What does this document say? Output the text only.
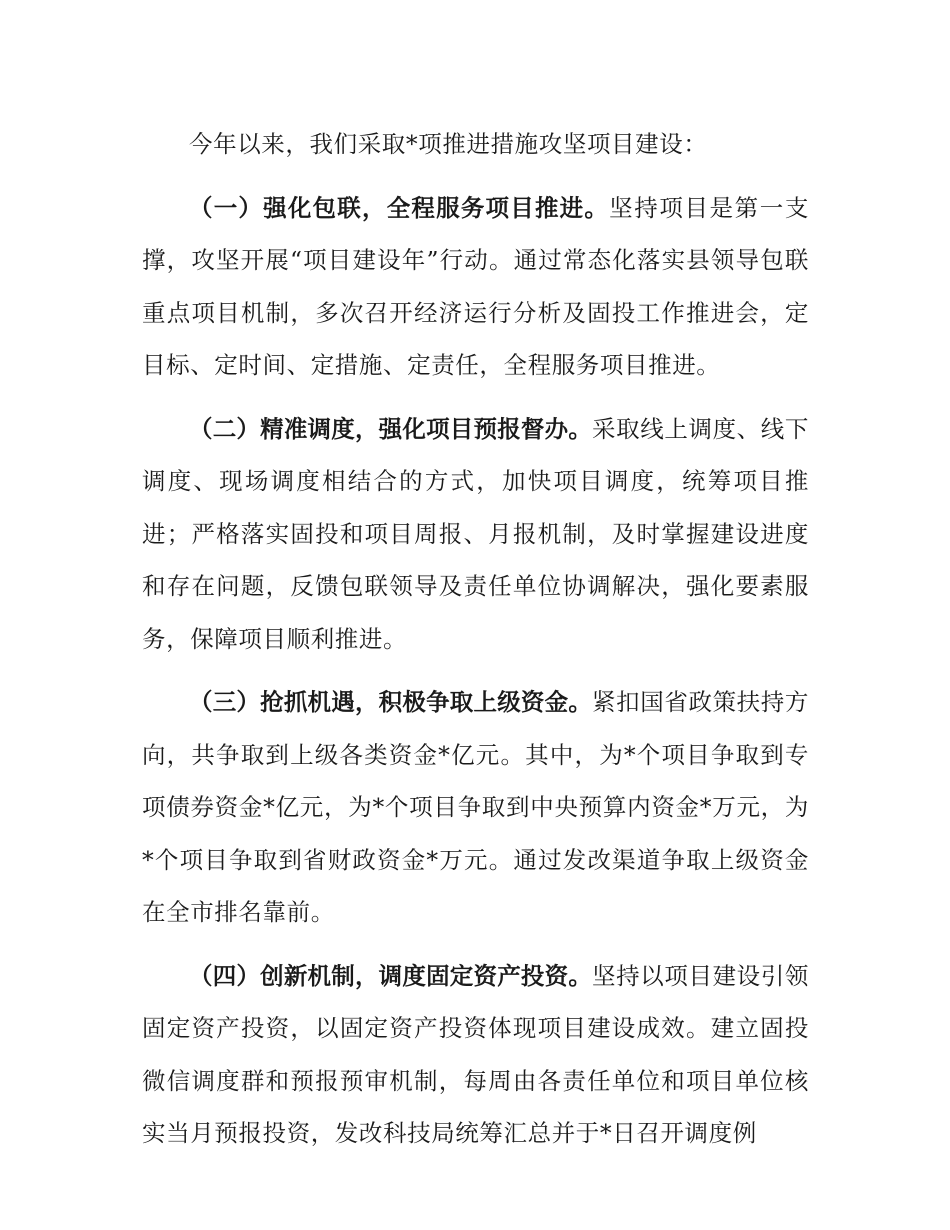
今年以来，我们采取*项推进措施攻坚项目建设：

（一）强化包联，全程服务项目推进。坚持项目是第一支撑，攻坚开展“项目建设年”行动。通过常态化落实县领导包联重点项目机制，多次召开经济运行分析及固投工作推进会，定目标、定时间、定措施、定责任，全程服务项目推进。

（二）精准调度，强化项目预报督办。采取线上调度、线下调度、现场调度相结合的方式，加快项目调度，统筹项目推进；严格落实固投和项目周报、月报机制，及时掌握建设进度和存在问题，反馈包联领导及责任单位协调解决，强化要素服务，保障项目顺利推进。

（三）抢抓机遇，积极争取上级资金。紧扣国省政策扶持方向，共争取到上级各类资金*亿元。其中，为*个项目争取到专项债券资金*亿元，为*个项目争取到中央预算内资金*万元，为*个项目争取到省财政资金*万元。通过发改渠道争取上级资金在全市排名靠前。

（四）创新机制，调度固定资产投资。坚持以项目建设引领固定资产投资，以固定资产投资体现项目建设成效。建立固投微信调度群和预报预审机制，每周由各责任单位和项目单位核实当月预报投资，发改科技局统筹汇总并于*日召开调度例
